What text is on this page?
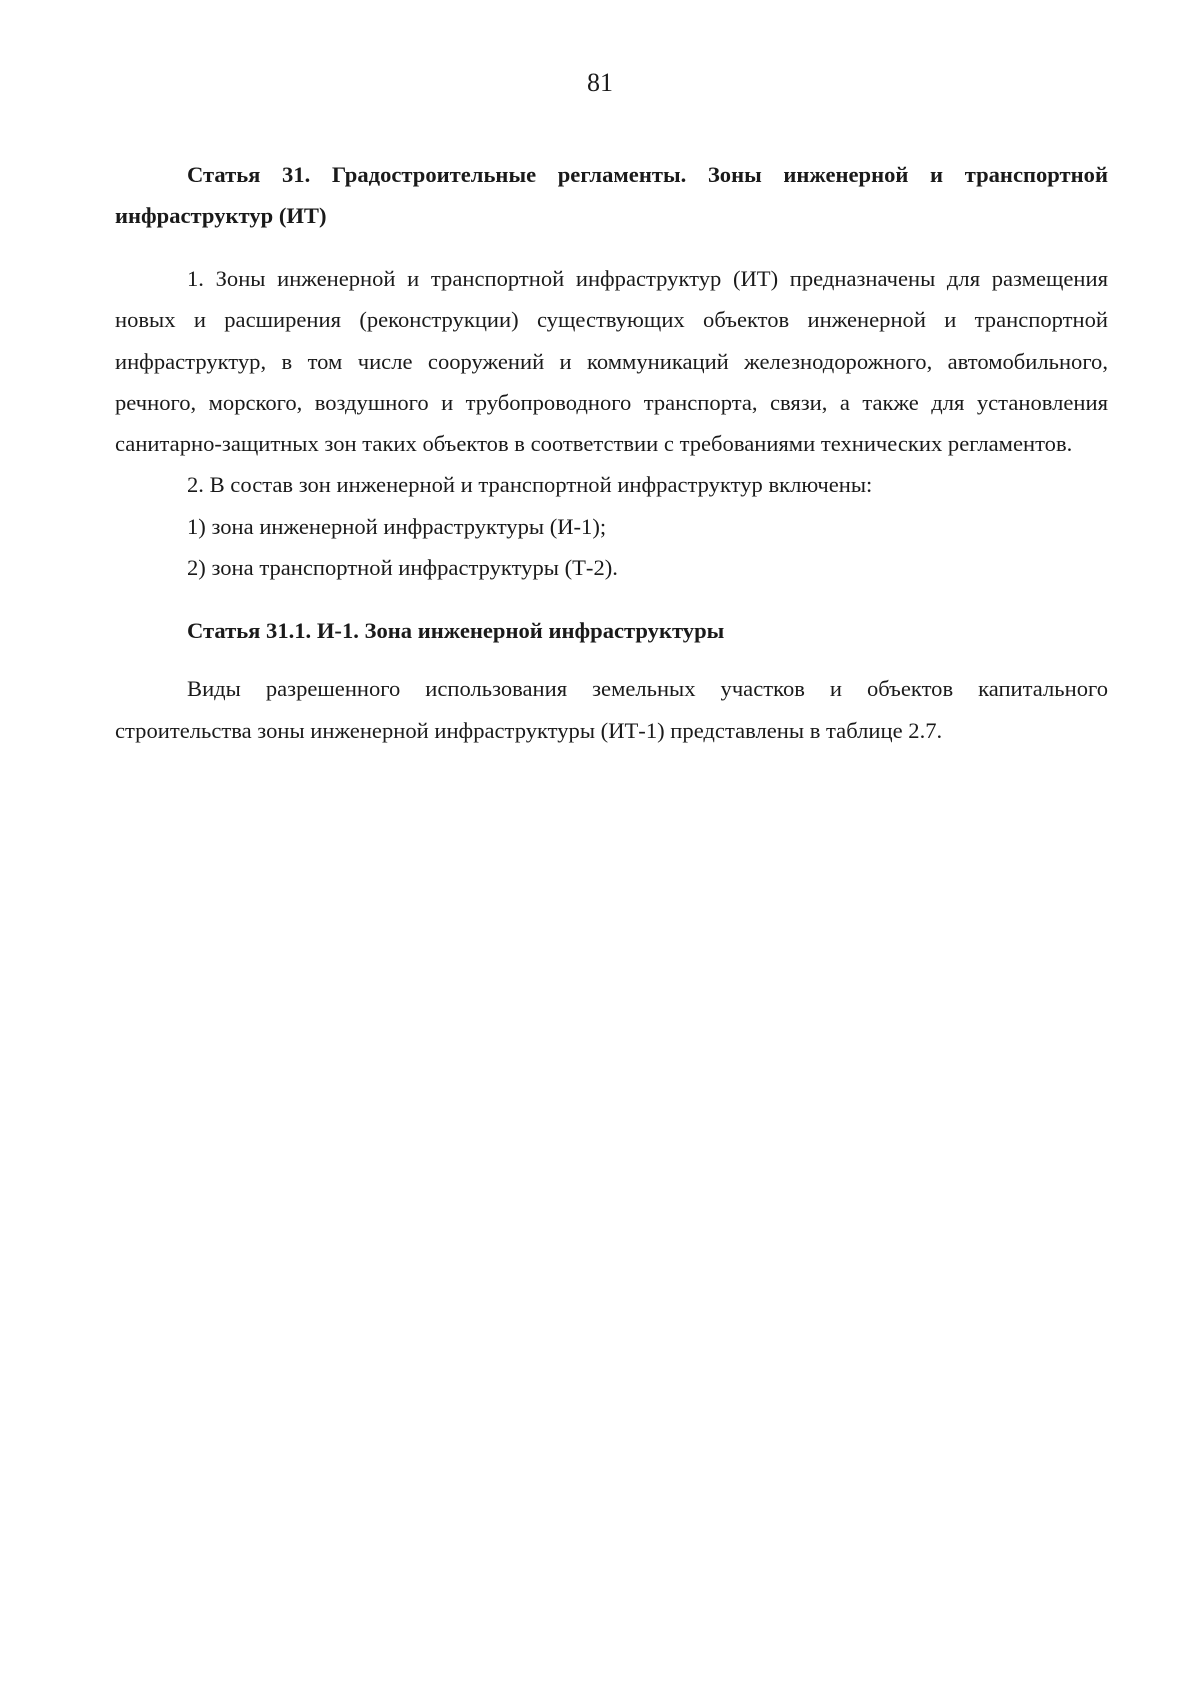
81

Статья 31. Градостроительные регламенты. Зоны инженерной и транспортной инфраструктур (ИТ)

1. Зоны инженерной и транспортной инфраструктур (ИТ) предназначены для размещения новых и расширения (реконструкции) существующих объектов инженерной и транспортной инфраструктур, в том числе сооружений и коммуникаций железнодорожного, автомобильного, речного, морского, воздушного и трубопроводного транспорта, связи, а также для установления санитарно-защитных зон таких объектов в соответствии с требованиями технических регламентов.

2. В состав зон инженерной и транспортной инфраструктур включены:

1) зона инженерной инфраструктуры (И-1);

2) зона транспортной инфраструктуры (Т-2).

Статья 31.1. И-1. Зона инженерной инфраструктуры

Виды разрешенного использования земельных участков и объектов капитального строительства зоны инженерной инфраструктуры (ИТ-1) представлены в таблице 2.7.
